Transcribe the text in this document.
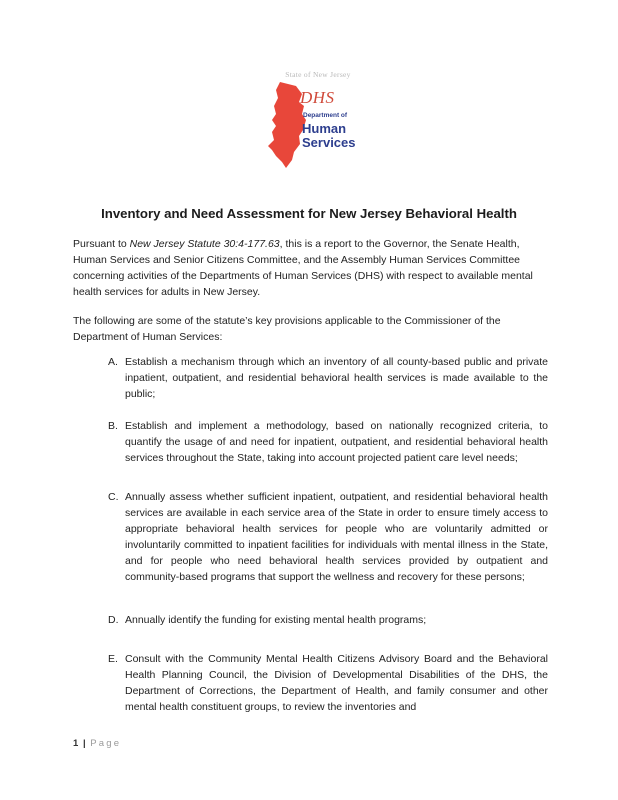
State of New Jersey
DHS
Department of
Human
Services
Inventory and Need Assessment for New Jersey Behavioral Health

Pursuant to New Jersey Statute 30:4-177.63, this is a report to the Governor, the Senate Health, Human Services and Senior Citizens Committee, and the Assembly Human Services Committee concerning activities of the Departments of Human Services (DHS) with respect to available mental health services for adults in New Jersey.

The following are some of the statute’s key provisions applicable to the Commissioner of the Department of Human Services:

A. Establish a mechanism through which an inventory of all county-based public and private inpatient, outpatient, and residential behavioral health services is made available to the public;
B. Establish and implement a methodology, based on nationally recognized criteria, to quantify the usage of and need for inpatient, outpatient, and residential behavioral health services throughout the State, taking into account projected patient care level needs;
C. Annually assess whether sufficient inpatient, outpatient, and residential behavioral health services are available in each service area of the State in order to ensure timely access to appropriate behavioral health services for people who are voluntarily admitted or involuntarily committed to inpatient facilities for individuals with mental illness in the State, and for people who need behavioral health services provided by outpatient and community-based programs that support the wellness and recovery for these persons;
D. Annually identify the funding for existing mental health programs;
E. Consult with the Community Mental Health Citizens Advisory Board and the Behavioral Health Planning Council, the Division of Developmental Disabilities of the DHS, the Department of Corrections, the Department of Health, and family consumer and other mental health constituent groups, to review the inventories and
1 | Page
